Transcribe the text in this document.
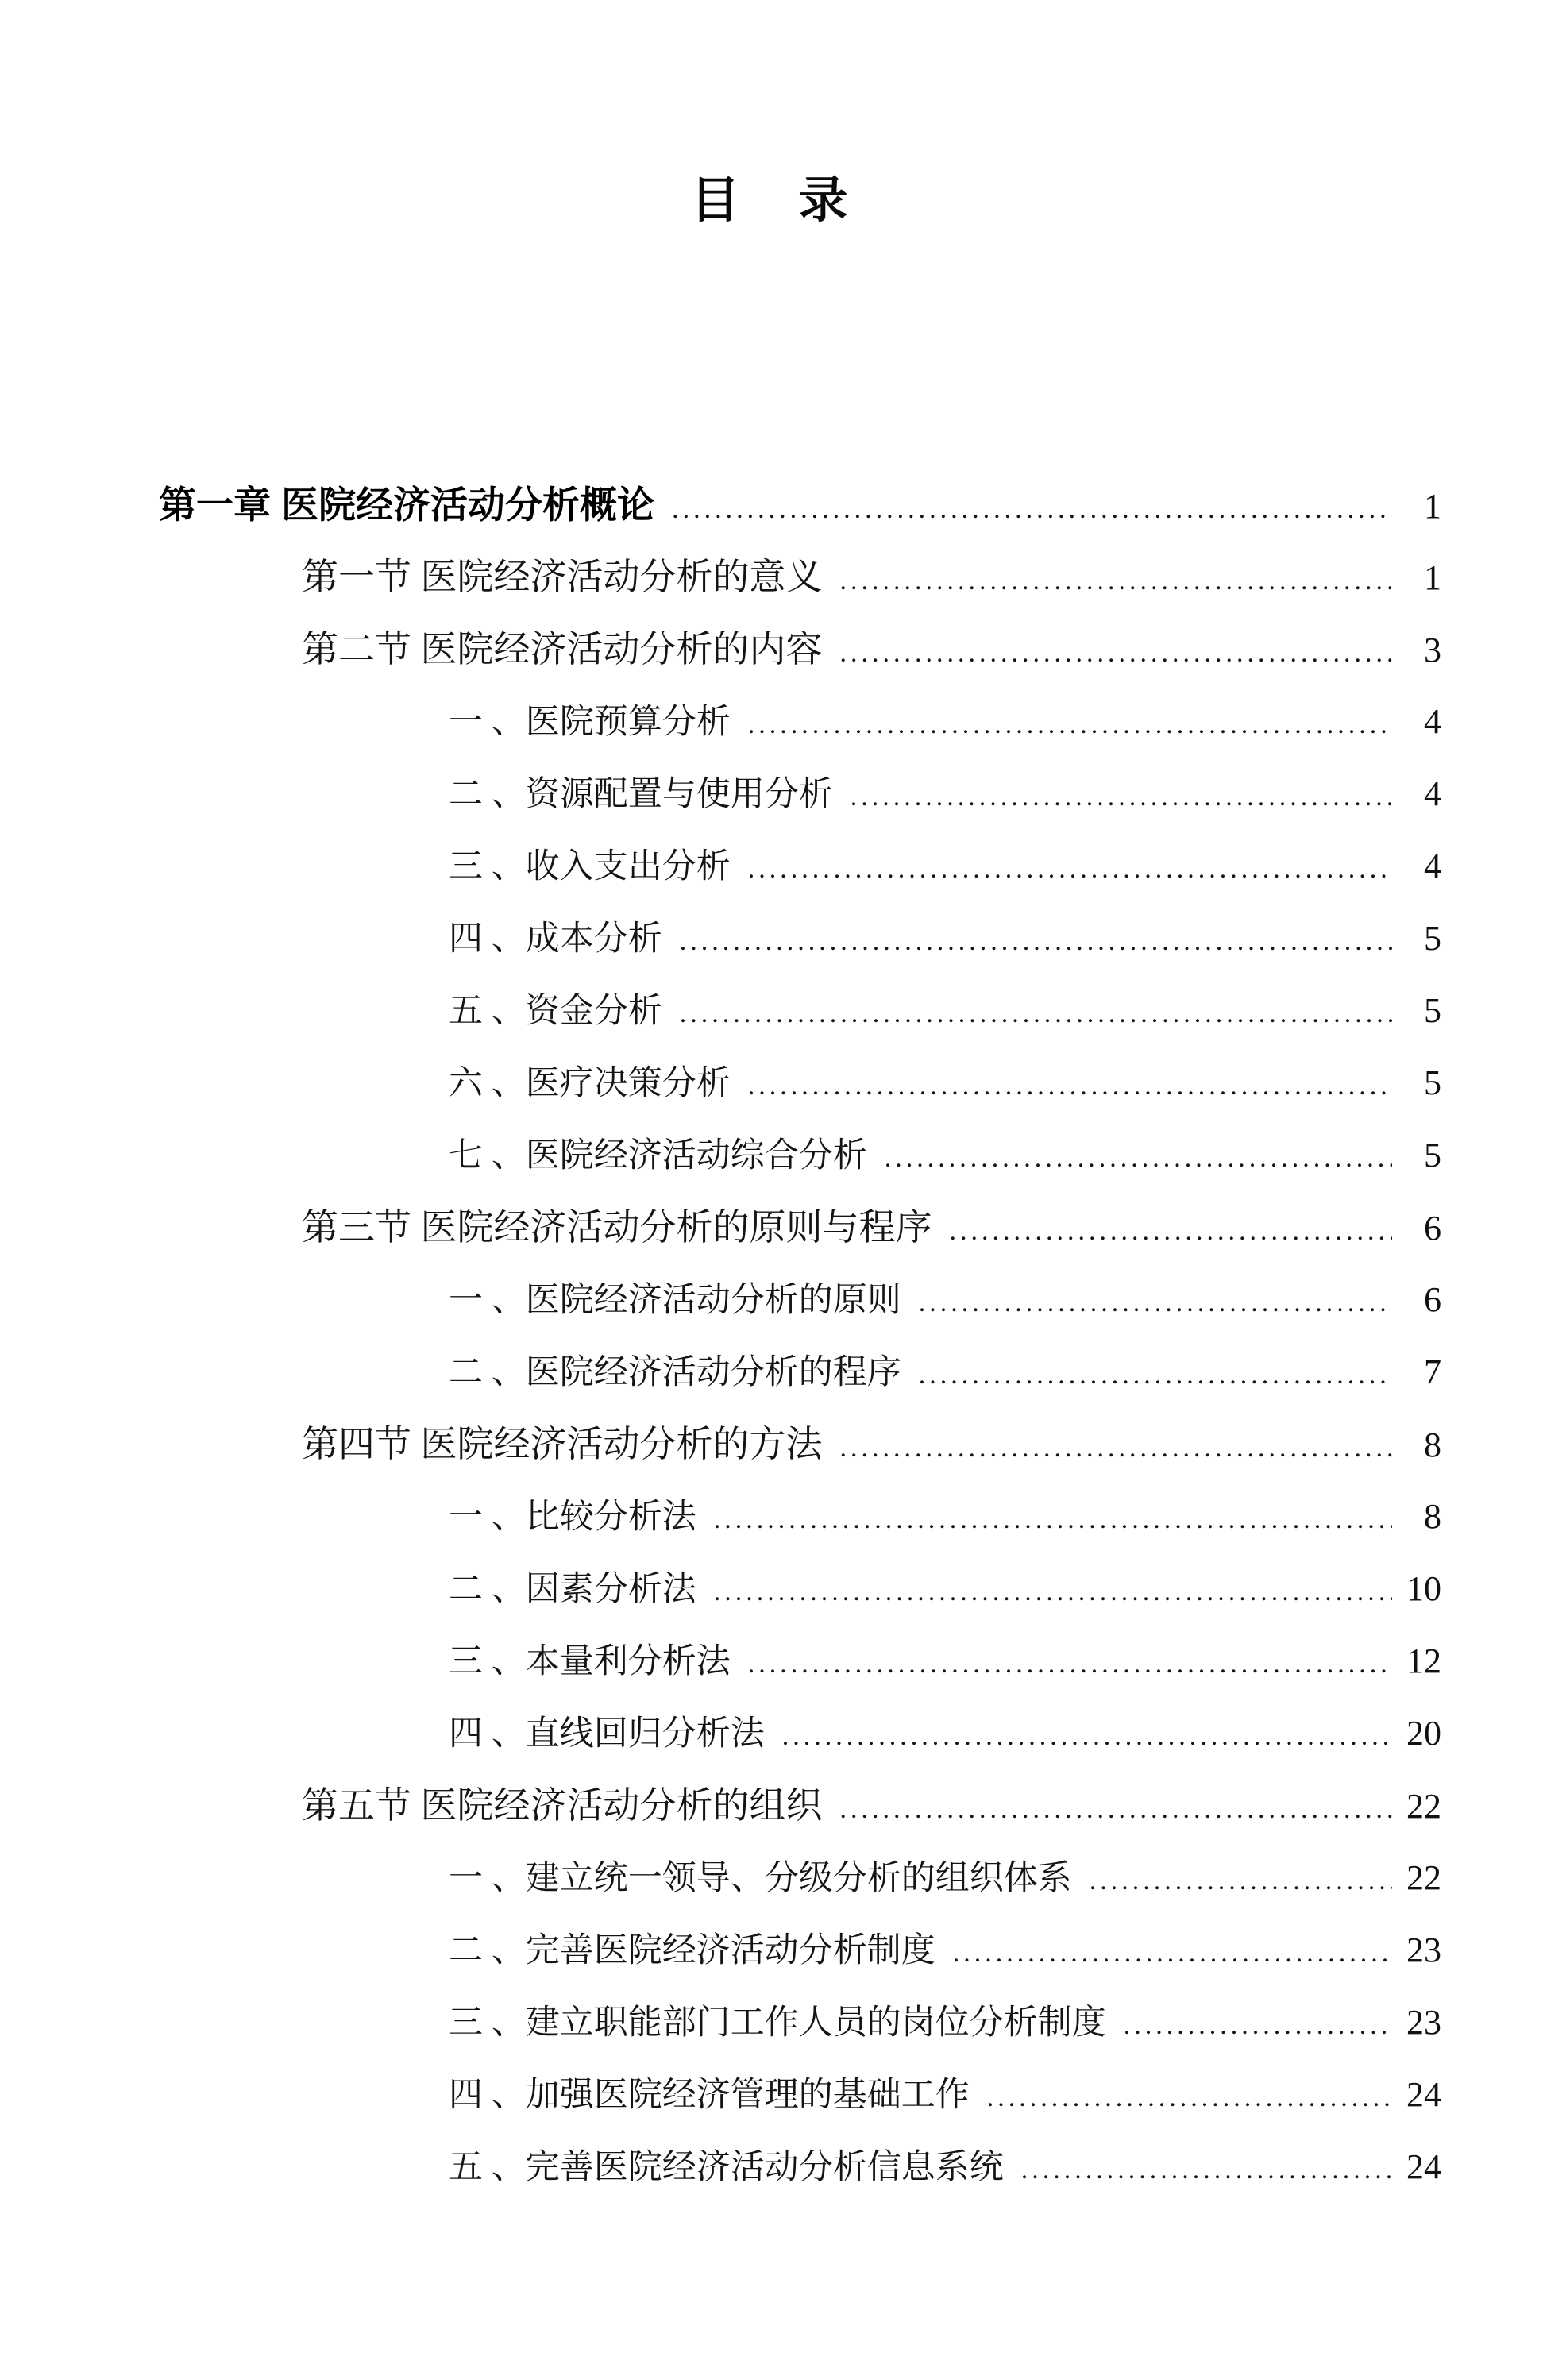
目　录
第一章 医院经济活动分析概论 .....	1
第一节 医院经济活动分析的意义 .....	1
第二节 医院经济活动分析的内容 .....	3
一 、医院预算分析 .....	4
二 、资源配置与使用分析 .....	4
三 、收入支出分析 .....	4
四 、成本分析 .....	5
五 、资金分析 .....	5
六 、医疗决策分析 .....	5
七 、医院经济活动综合分析 .....	5
第三节 医院经济活动分析的原则与程序 .....	6
一 、医院经济活动分析的原则 .....	6
二 、医院经济活动分析的程序 .....	7
第四节 医院经济活动分析的方法 .....	8
一 、比较分析法 .....	8
二 、因素分析法 .....	10
三 、本量利分析法 .....	12
四 、直线回归分析法 .....	20
第五节 医院经济活动分析的组织 .....	22
一 、建立统一领导、分级分析的组织体系 .....	22
二 、完善医院经济活动分析制度 .....	23
三 、建立职能部门工作人员的岗位分析制度 .....	23
四 、加强医院经济管理的基础工作 .....	24
五 、完善医院经济活动分析信息系统 .....	24
